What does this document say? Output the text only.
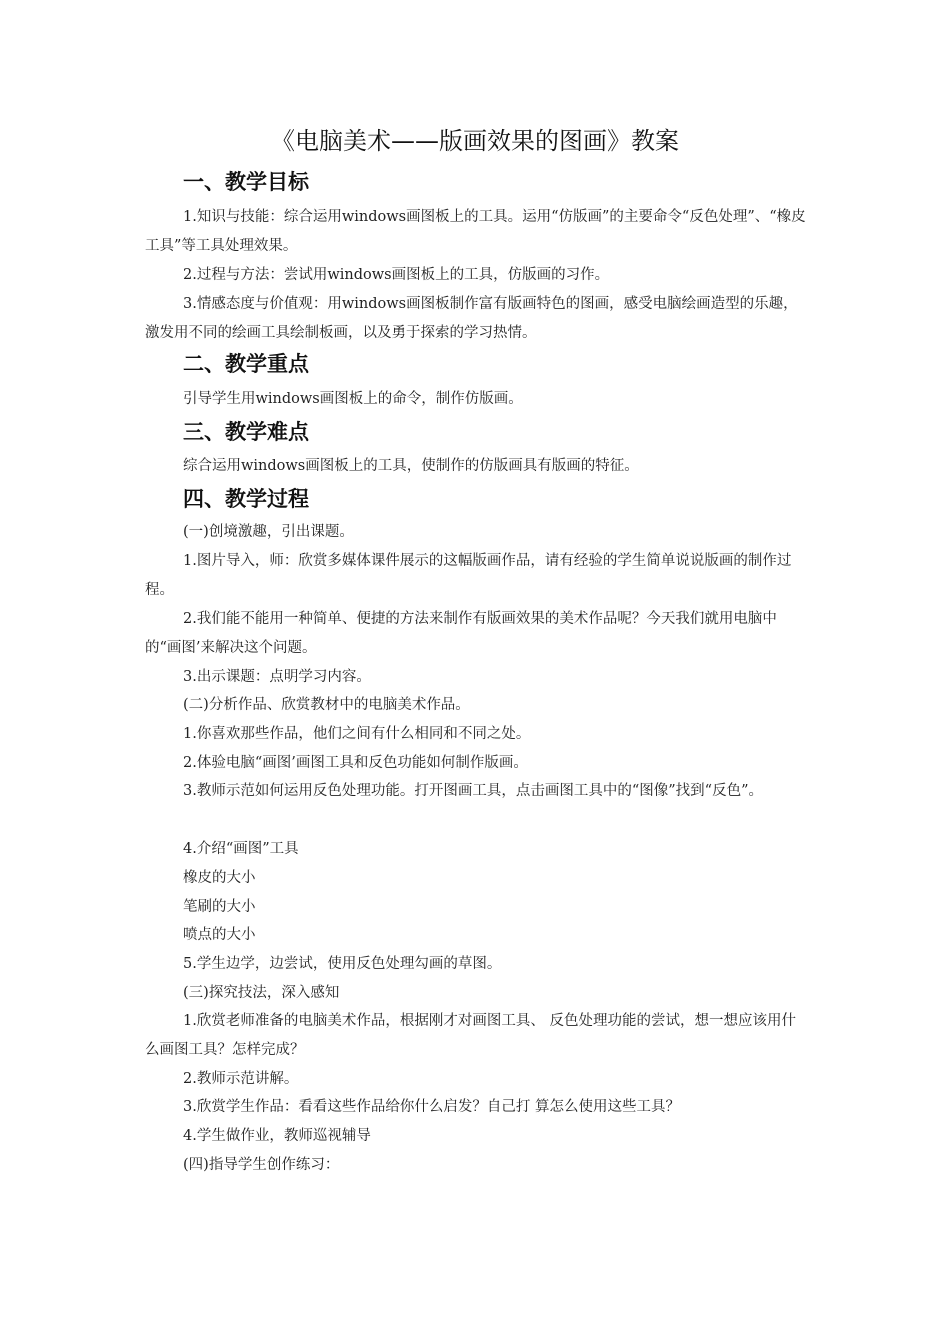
《电脑美术——版画效果的图画》教案
一、教学目标
1.知识与技能：综合运用windows画图板上的工具。运用“仿版画”的主要命令“反色处理”、“橡皮工具”等工具处理效果。
2.过程与方法：尝试用windows画图板上的工具，仿版画的习作。
3.情感态度与价值观：用windows画图板制作富有版画特色的图画，感受电脑绘画造型的乐趣，激发用不同的绘画工具绘制板画，以及勇于探索的学习热情。
二、教学重点
引导学生用windows画图板上的命令，制作仿版画。
三、教学难点
综合运用windows画图板上的工具，使制作的仿版画具有版画的特征。
四、教学过程
(一)创境激趣，引出课题。
1.图片导入，师：欣赏多媒体课件展示的这幅版画作品，请有经验的学生简单说说版画的制作过程。
2.我们能不能用一种简单、便捷的方法来制作有版画效果的美术作品呢？今天我们就用电脑中的“画图’来解决这个问题。
3.出示课题：点明学习内容。
(二)分析作品、欣赏教材中的电脑美术作品。
1.你喜欢那些作品，他们之间有什么相同和不同之处。
2.体验电脑“画图’画图工具和反色功能如何制作版画。
3.教师示范如何运用反色处理功能。打开图画工具，点击画图工具中的“图像”找到“反色”。
4.介绍“画图”工具
橡皮的大小
笔刷的大小
喷点的大小
5.学生边学，边尝试，使用反色处理勾画的草图。
(三)探究技法，深入感知
1.欣赏老师准备的电脑美术作品，根据刚才对画图工具、 反色处理功能的尝试，想一想应该用什么画图工具？怎样完成？
2.教师示范讲解。
3.欣赏学生作品：看看这些作品给你什么启发？自己打 算怎么使用这些工具？
4.学生做作业，教师巡视辅导
(四)指导学生创作练习：
